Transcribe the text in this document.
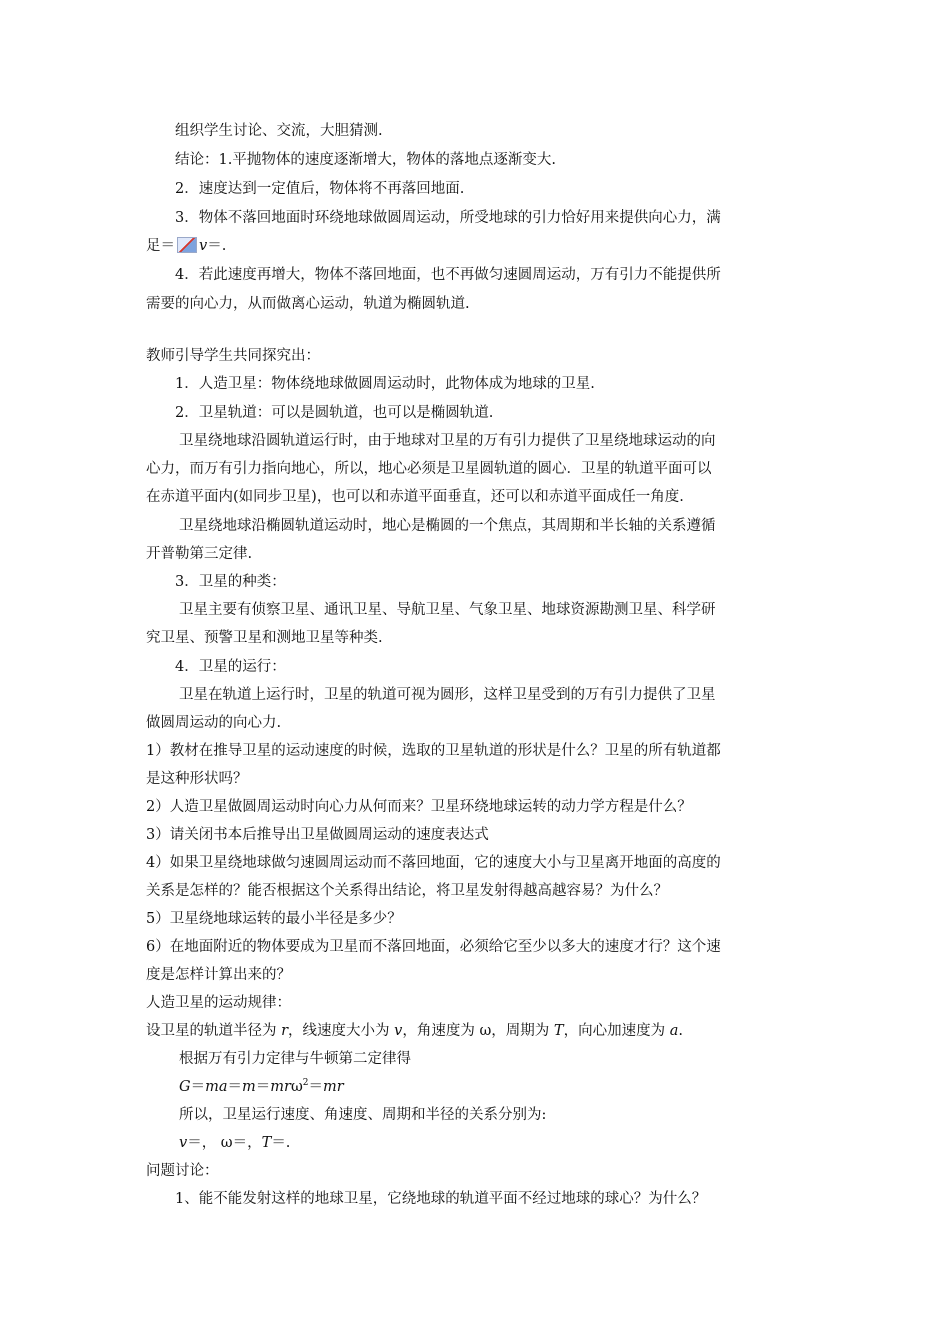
组织学生讨论、交流，大胆猜测.
结论：1.平抛物体的速度逐渐增大，物体的落地点逐渐变大.
2．速度达到一定值后，物体将不再落回地面.
3．物体不落回地面时环绕地球做圆周运动，所受地球的引力恰好用来提供向心力，满
足＝ v＝.
4．若此速度再增大，物体不落回地面，也不再做匀速圆周运动，万有引力不能提供所
需要的向心力，从而做离心运动，轨道为椭圆轨道.
教师引导学生共同探究出：
1．人造卫星：物体绕地球做圆周运动时，此物体成为地球的卫星.
2．卫星轨道：可以是圆轨道，也可以是椭圆轨道.
卫星绕地球沿圆轨道运行时，由于地球对卫星的万有引力提供了卫星绕地球运动的向
心力，而万有引力指向地心，所以，地心必须是卫星圆轨道的圆心．卫星的轨道平面可以
在赤道平面内(如同步卫星)，也可以和赤道平面垂直，还可以和赤道平面成任一角度.
卫星绕地球沿椭圆轨道运动时，地心是椭圆的一个焦点，其周期和半长轴的关系遵循
开普勒第三定律.
3．卫星的种类：
卫星主要有侦察卫星、通讯卫星、导航卫星、气象卫星、地球资源勘测卫星、科学研
究卫星、预警卫星和测地卫星等种类.
4．卫星的运行：
卫星在轨道上运行时，卫星的轨道可视为圆形，这样卫星受到的万有引力提供了卫星
做圆周运动的向心力.
1）教材在推导卫星的运动速度的时候，选取的卫星轨道的形状是什么？卫星的所有轨道都
是这种形状吗？
2）人造卫星做圆周运动时向心力从何而来？卫星环绕地球运转的动力学方程是什么？
3）请关闭书本后推导出卫星做圆周运动的速度表达式
4）如果卫星绕地球做匀速圆周运动而不落回地面，它的速度大小与卫星离开地面的高度的
关系是怎样的？能否根据这个关系得出结论，将卫星发射得越高越容易？为什么？
5）卫星绕地球运转的最小半径是多少？
6）在地面附近的物体要成为卫星而不落回地面，必须给它至少以多大的速度才行？这个速
度是怎样计算出来的？
人造卫星的运动规律：
设卫星的轨道半径为 r，线速度大小为 v，角速度为 ω，周期为 T，向心加速度为 a.
根据万有引力定律与牛顿第二定律得
G＝ma＝m＝mrω$^2$＝mr
所以，卫星运行速度、角速度、周期和半径的关系分别为:
v＝， ω＝，T＝.
问题讨论：
1、能不能发射这样的地球卫星，它绕地球的轨道平面不经过地球的球心？为什么？
